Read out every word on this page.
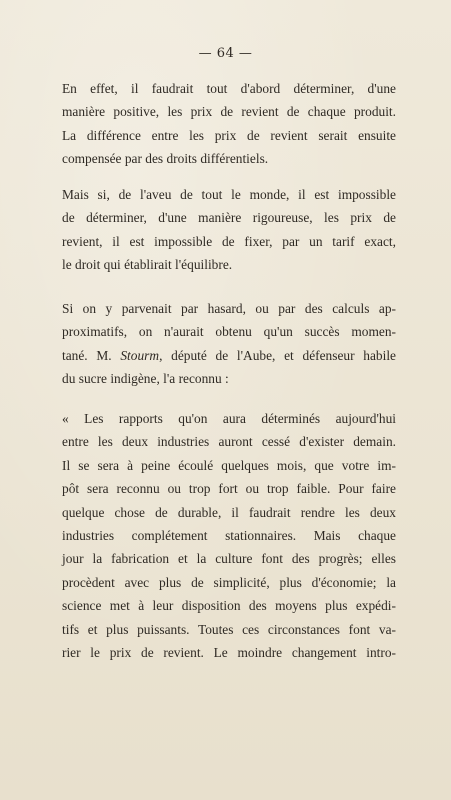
— 64 —
En effet, il faudrait tout d'abord déterminer, d'une
manière positive, les prix de revient de chaque produit.
La différence entre les prix de revient serait ensuite
compensée par des droits différentiels.
Mais si, de l'aveu de tout le monde, il est impossible
de déterminer, d'une manière rigoureuse, les prix de
revient, il est impossible de fixer, par un tarif exact,
le droit qui établirait l'équilibre.
Si on y parvenait par hasard, ou par des calculs ap-
proximatifs, on n'aurait obtenu qu'un succès momen-
tané. M. Stourm, député de l'Aube, et défenseur habile
du sucre indigène, l'a reconnu :
« Les rapports qu'on aura déterminés aujourd'hui
entre les deux industries auront cessé d'exister demain.
Il se sera à peine écoulé quelques mois, que votre im-
pôt sera reconnu ou trop fort ou trop faible. Pour faire
quelque chose de durable, il faudrait rendre les deux
industries complétement stationnaires. Mais chaque
jour la fabrication et la culture font des progrès; elles
procèdent avec plus de simplicité, plus d'économie; la
science met à leur disposition des moyens plus expédi-
tifs et plus puissants. Toutes ces circonstances font va-
rier le prix de revient. Le moindre changement intro-
